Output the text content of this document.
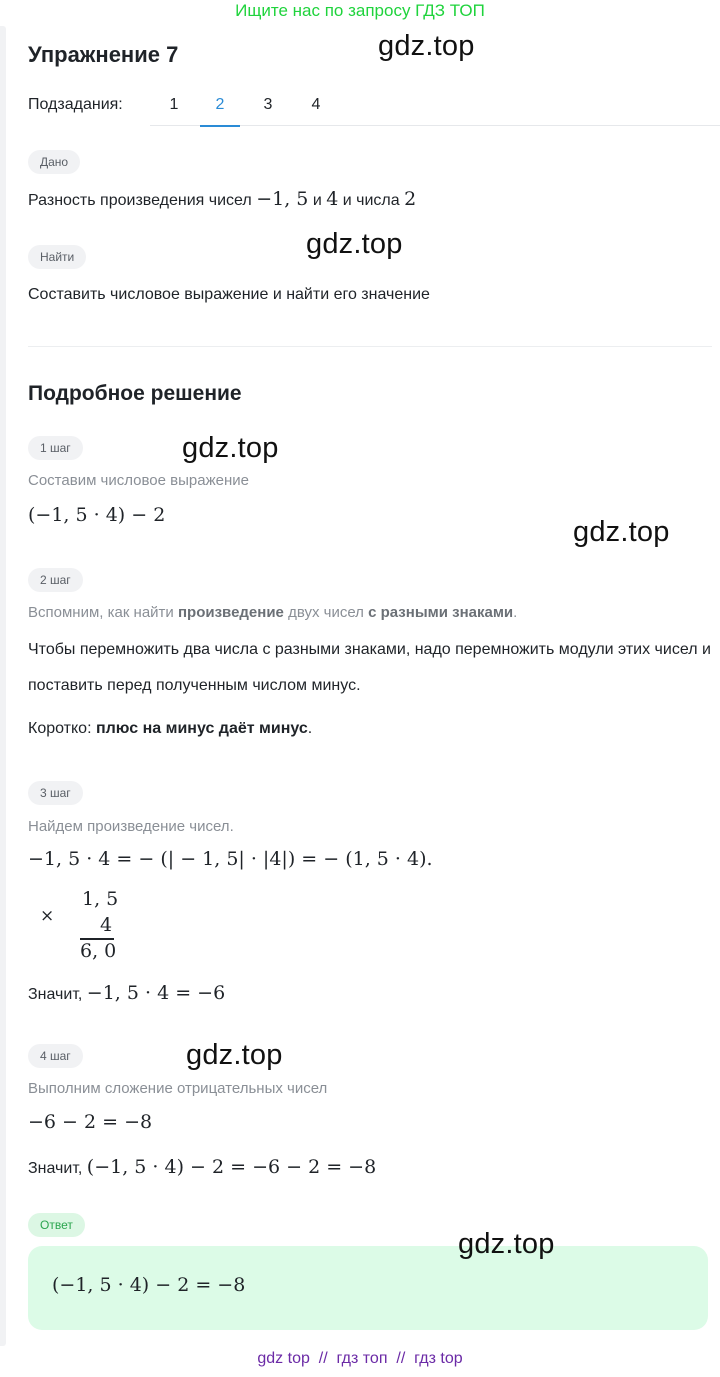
Ищите нас по запросу ГДЗ ТОП
Упражнение 7	gdz.top
Подзадания:	1	2	3	4
Дано
Разность произведения чисел −1, 5 и 4 и числа 2
gdz.top
Найти
Составить числовое выражение и найти его значение
Подробное решение
1 шаг	gdz.top
Составим числовое выражение
(−1, 5 · 4) − 2
gdz.top
2 шаг
Вспомним, как найти произведение двух чисел с разными знаками.
Чтобы перемножить два числа с разными знаками, надо перемножить модули этих чисел и поставить перед полученным числом минус.
Коротко: плюс на минус даёт минус.
3 шаг
Найдем произведение чисел.
−1, 5 · 4 = − (| − 1, 5| · |4|) = − (1, 5 · 4).
×
1, 5
4
6, 0
Значит, −1, 5 · 4 = −6
4 шаг	gdz.top
Выполним сложение отрицательных чисел
−6 − 2 = −8
Значит, (−1, 5 · 4) − 2 = −6 − 2 = −8
Ответ
(−1, 5 · 4) − 2 = −8
gdz.top
gdz top  //  гдз топ  //  гдз top
